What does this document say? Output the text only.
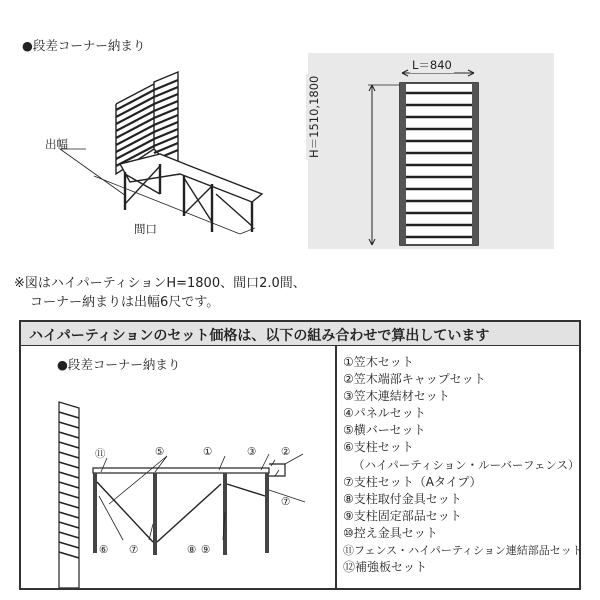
●段差コーナー納まり
出幅
間口
L＝840
H＝1510,1800
※図はハイパーティションH=1800、間口2.0間、
コーナー納まりは出幅6尺です。
ハイパーティションのセット価格は、以下の組み合わせで算出しています
●段差コーナー納まり
⑪	⑤	①	③ ②
⑦
⑥ ⑦	⑧ ⑨
①笠木セット
②笠木端部キャップセット
③笠木連結材セット
④パネルセット
⑤横バーセット
⑥支柱セット
（ハイパーティション・ルーバーフェンス）
⑦支柱セット（Aタイプ）
⑧支柱取付金具セット
⑨支柱固定部品セット
⑩控え金具セット
⑪フェンス・ハイパーティション連結部品セット
⑫補強板セット
